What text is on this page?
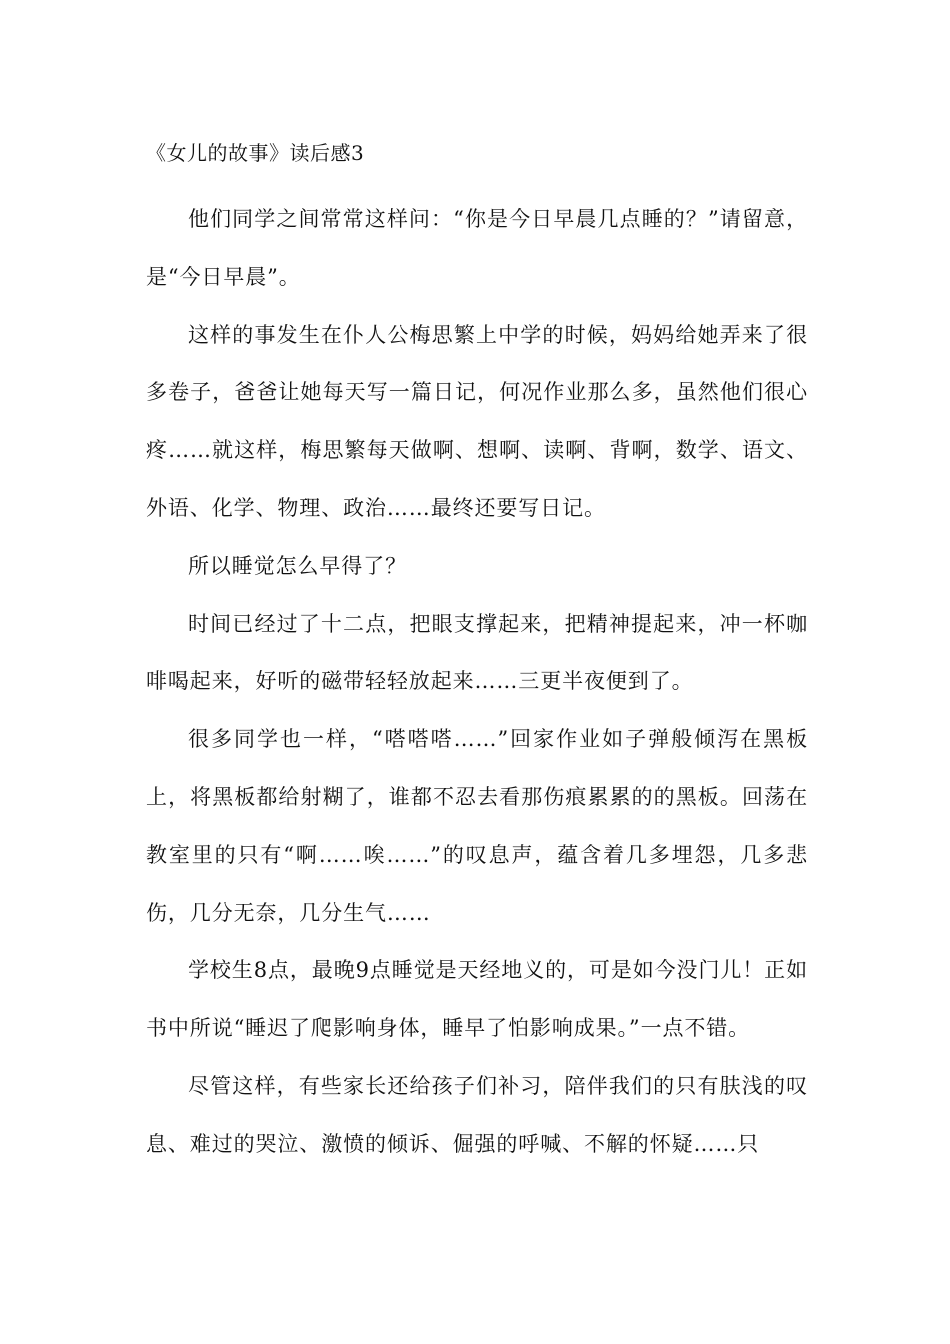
《女儿的故事》读后感3

他们同学之间常常这样问：“你是今日早晨几点睡的？”请留意，是“今日早晨”。

这样的事发生在仆人公梅思繁上中学的时候，妈妈给她弄来了很多卷子，爸爸让她每天写一篇日记，何况作业那么多，虽然他们很心疼……就这样，梅思繁每天做啊、想啊、读啊、背啊，数学、语文、外语、化学、物理、政治……最终还要写日记。

所以睡觉怎么早得了？

时间已经过了十二点，把眼支撑起来，把精神提起来，冲一杯咖啡喝起来，好听的磁带轻轻放起来……三更半夜便到了。

很多同学也一样，“嗒嗒嗒……”回家作业如子弹般倾泻在黑板上，将黑板都给射糊了，谁都不忍去看那伤痕累累的的黑板。回荡在教室里的只有“啊……唉……”的叹息声，蕴含着几多埋怨，几多悲伤，几分无奈，几分生气……

学校生8点，最晚9点睡觉是天经地义的，可是如今没门儿！正如书中所说“睡迟了爬影响身体，睡早了怕影响成果。”一点不错。

尽管这样，有些家长还给孩子们补习，陪伴我们的只有肤浅的叹息、难过的哭泣、激愤的倾诉、倔强的呼喊、不解的怀疑……只
